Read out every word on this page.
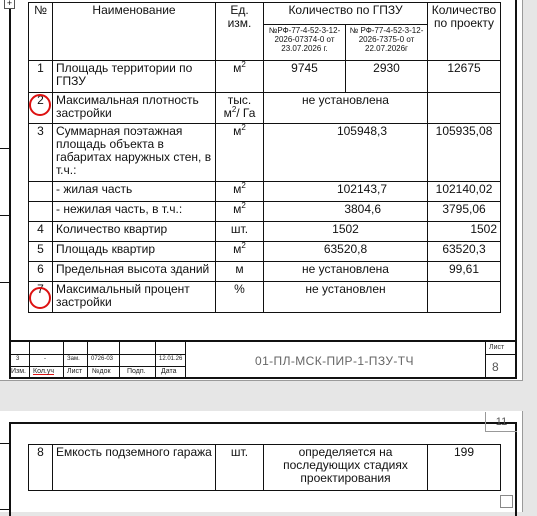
+ №	Наименование	Ед. изм.	Количество по ГПЗУ		Количество по проекту
			№РФ-77-4-52-3-12-2026-07374-0 от 23.07.2026 г.	№ РФ-77-4-52-3-12-2026-7375-0 от 22.07.2026г	
1	Площадь территории по ГПЗУ	$м^2$	9745	2930	12675
2	Максимальная плотность застройки	тыс. $м^2/$ Га	не установлена		
3	Суммарная поэтажная площадь объекта в габаритах наружных стен, в т.ч.:	$м^2$	105948,3		105935,08
	- жилая часть	$м^2$	102143,7		102140,02
	- нежилая часть, в т.ч.:	$м^2$	3804,6		3795,06
4	Количество квартир	шт.	1502		1502
5	Площадь квартир	$м^2$	63520,8		63520,3
6	Предельная высота зданий	м	не установлена		99,61
7	Максимальный процент застройки	%	не установлен		
3	-	Зам. 0726-03	12.01.26
Изм. Кол.уч Лист №док Подп. Дата
01-ПЛ-МСК-ПИР-1-ПЗУ-ТЧ
Лист
8
11
8	Емкость подземного гаража	шт.	определяется на последующих стадиях проектирования	199
